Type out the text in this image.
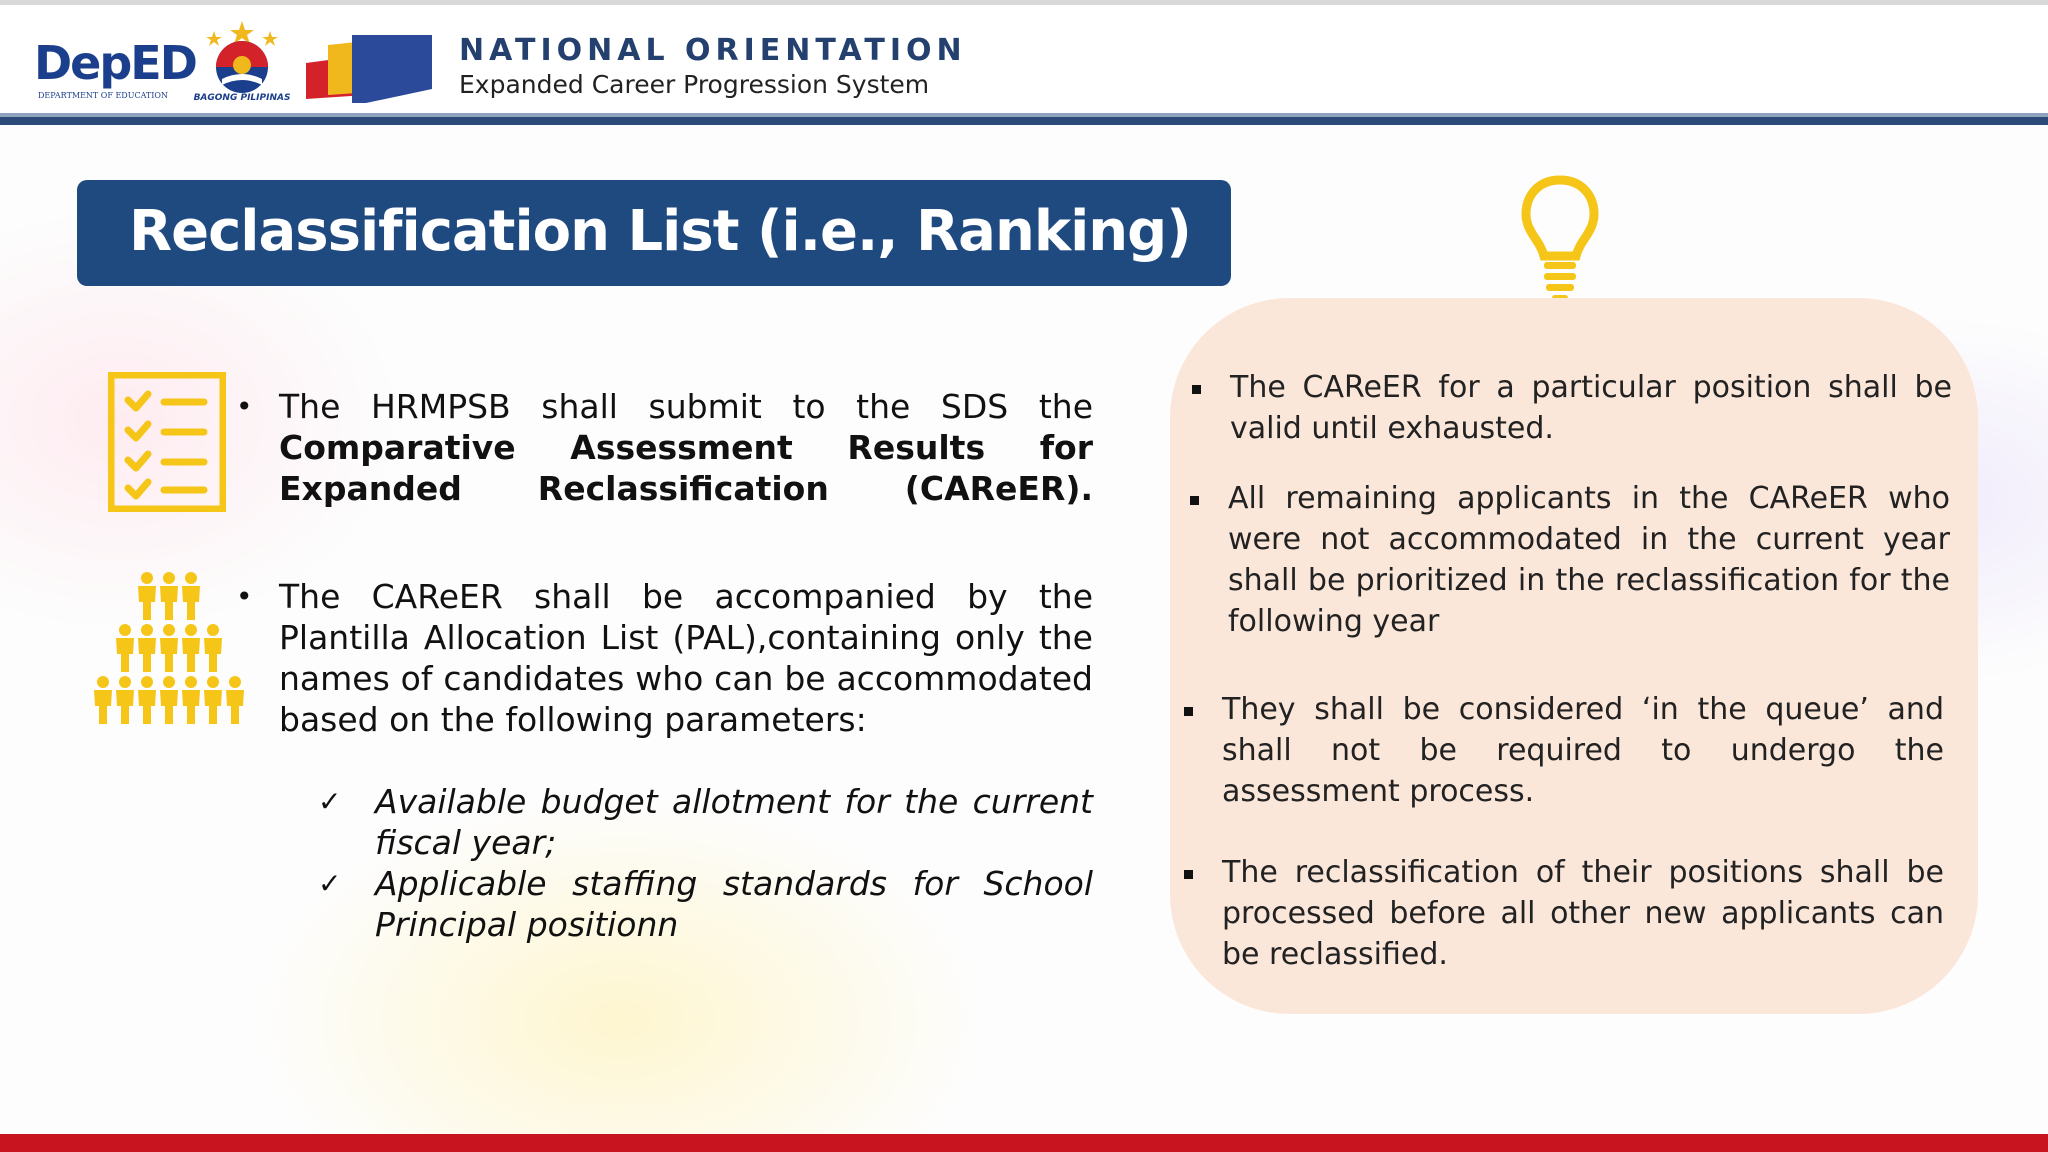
DepED
DEPARTMENT OF EDUCATION	BAGONG PILIPINAS
NATIONAL ORIENTATION
Expanded Career Progression System
Reclassification List (i.e., Ranking)
• The HRMPSB shall submit to the SDS the Comparative Assessment Results for Expanded Reclassification (CAReER).
• The CAReER shall be accompanied by the Plantilla Allocation List (PAL),containing only the names of candidates who can be accommodated based on the following parameters:
✓ Available budget allotment for the current fiscal year;
✓ Applicable staffing standards for School Principal positionn
The CAReER for a particular position shall be valid until exhausted.
All remaining applicants in the CAReER who were not accommodated in the current year shall be prioritized in the reclassification for the following year
They shall be considered ‘in the queue’ and shall not be required to undergo the assessment process.
The reclassification of their positions shall be processed before all other new applicants can be reclassified.
